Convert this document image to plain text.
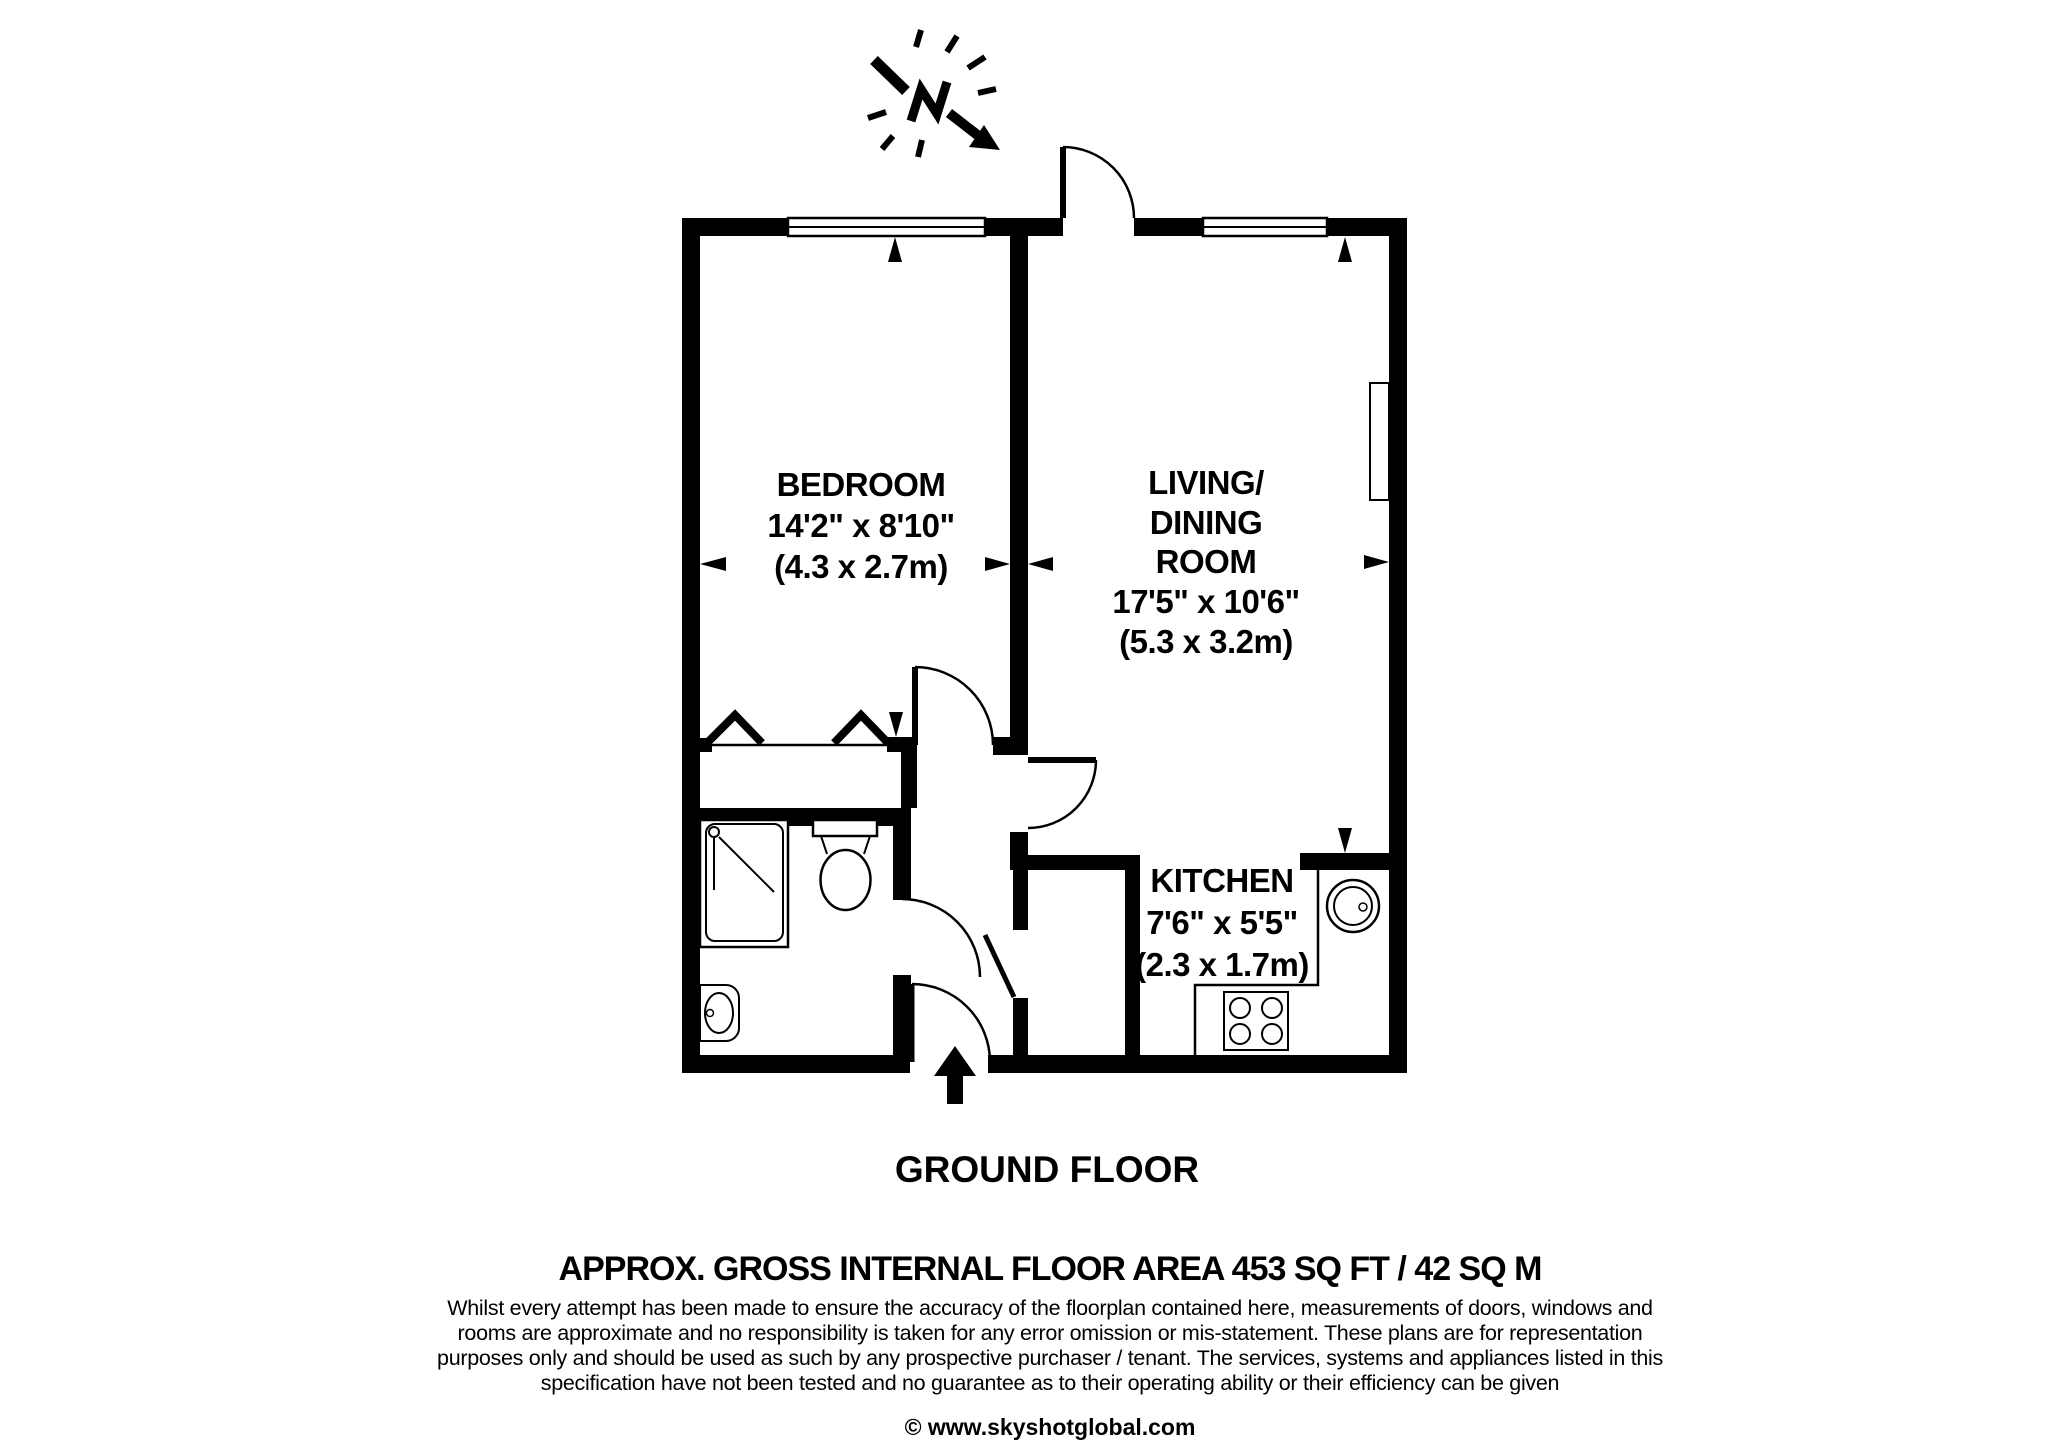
BEDROOM
14'2" x 8'10"
(4.3 x 2.7m)
LIVING/
DINING
ROOM
17'5" x 10'6"
(5.3 x 3.2m)
KITCHEN
7'6" x 5'5"
(2.3 x 1.7m)
GROUND FLOOR
APPROX. GROSS INTERNAL FLOOR AREA 453 SQ FT / 42 SQ M
Whilst every attempt has been made to ensure the accuracy of the floorplan contained here, measurements of doors, windows and
rooms are approximate and no responsibility is taken for any error omission or mis-statement. These plans are for representation
purposes only and should be used as such by any prospective purchaser / tenant. The services, systems and appliances listed in this
specification have not been tested and no guarantee as to their operating ability or their efficiency can be given
© www.skyshotglobal.com
